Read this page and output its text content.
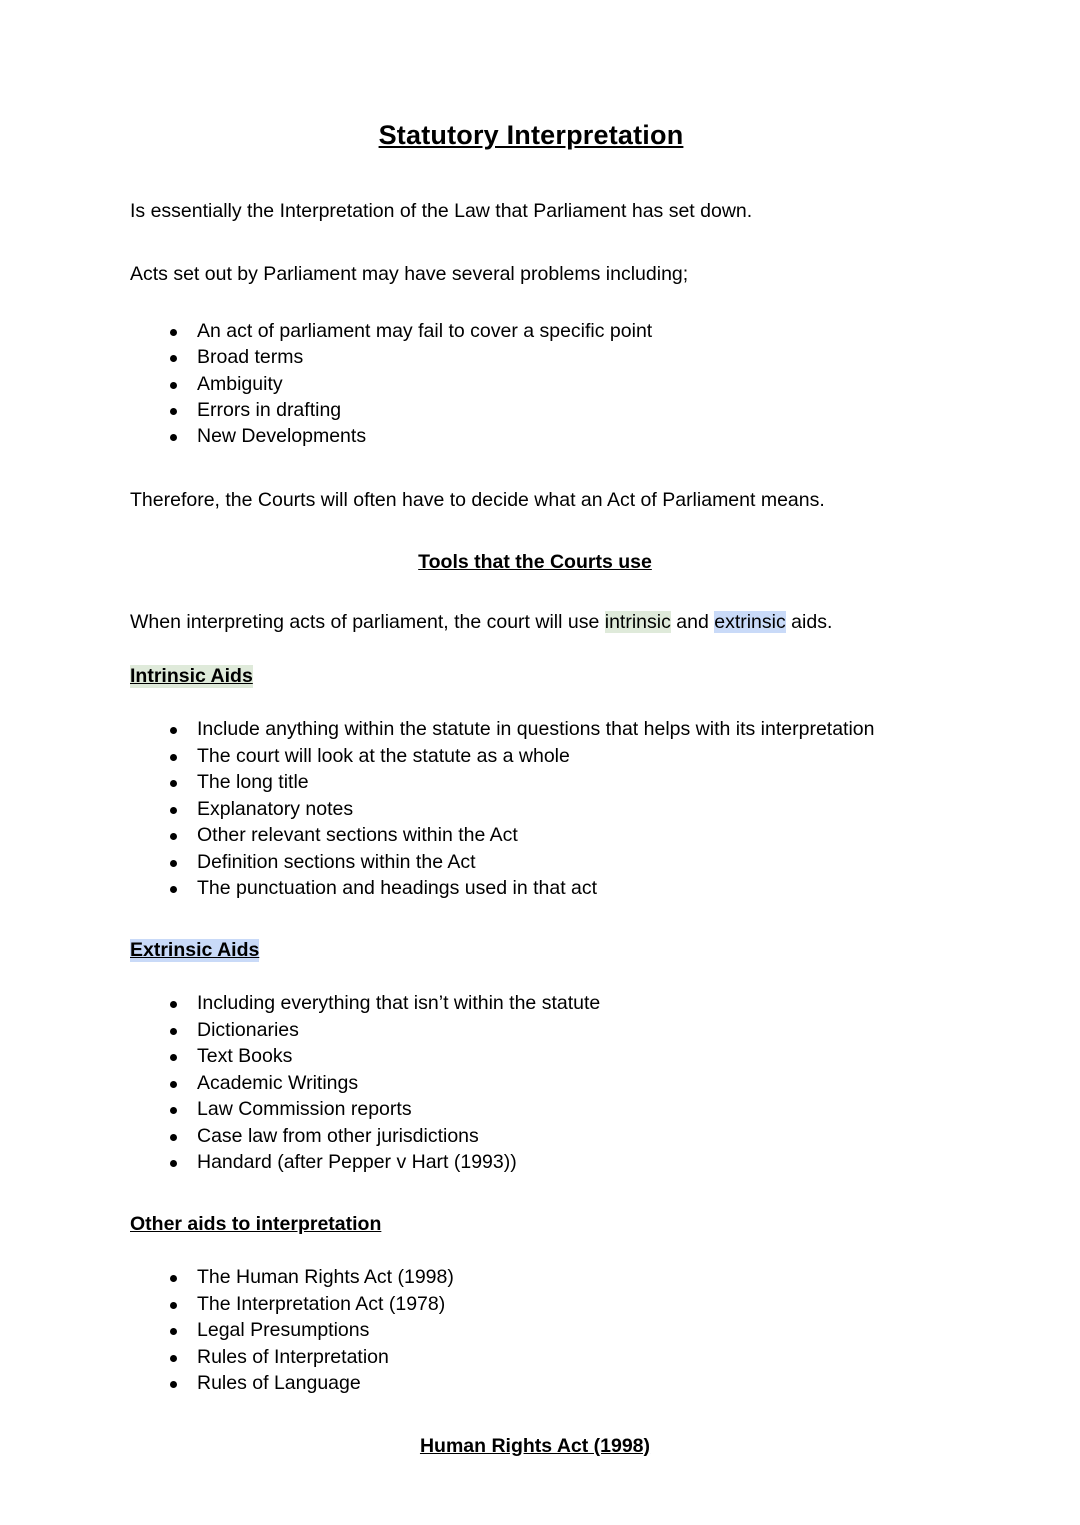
Statutory Interpretation

Is essentially the Interpretation of the Law that Parliament has set down.

Acts set out by Parliament may have several problems including;

An act of parliament may fail to cover a specific point
Broad terms
Ambiguity
Errors in drafting
New Developments

Therefore, the Courts will often have to decide what an Act of Parliament means.

Tools that the Courts use

When interpreting acts of parliament, the court will use intrinsic and extrinsic aids.

Intrinsic Aids
Include anything within the statute in questions that helps with its interpretation
The court will look at the statute as a whole
The long title
Explanatory notes
Other relevant sections within the Act
Definition sections within the Act
The punctuation and headings used in that act
Extrinsic Aids
Including everything that isn’t within the statute
Dictionaries
Text Books
Academic Writings
Law Commission reports
Case law from other jurisdictions
Handard (after Pepper v Hart (1993))
Other aids to interpretation
The Human Rights Act (1998)
The Interpretation Act (1978)
Legal Presumptions
Rules of Interpretation
Rules of Language
Human Rights Act (1998)
